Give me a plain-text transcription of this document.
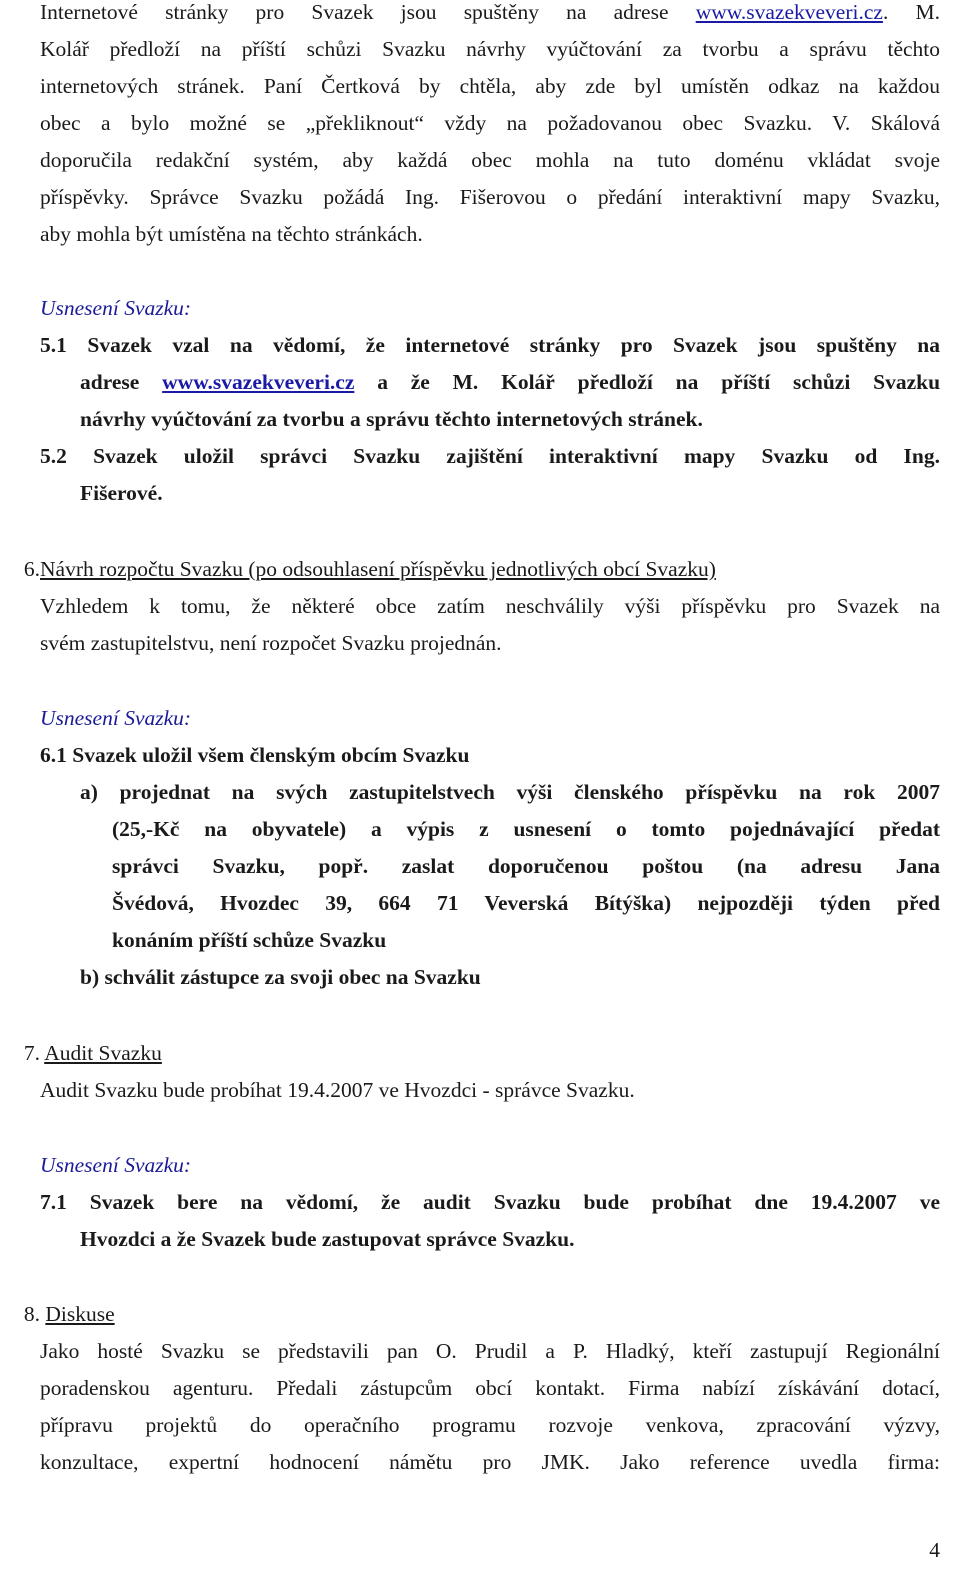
Internetové stránky pro Svazek jsou spuštěny na adrese www.svazekveveri.cz. M.
Kolář předloží na příští schůzi Svazku návrhy vyúčtování za tvorbu a správu těchto
internetových stránek. Paní Čertková by chtěla, aby zde byl umístěn odkaz na každou
obec a bylo možné se „překliknout“ vždy na požadovanou obec Svazku. V. Skálová
doporučila redakční systém, aby každá obec mohla na tuto doménu vkládat svoje
příspěvky. Správce Svazku požádá Ing. Fišerovou o předání interaktivní mapy Svazku,
aby mohla být umístěna na těchto stránkách.

Usnesení Svazku:

5.1 Svazek vzal na vědomí, že internetové stránky pro Svazek jsou spuštěny na
adrese www.svazekveveri.cz a že M. Kolář předloží na příští schůzi Svazku
návrhy vyúčtování za tvorbu a správu těchto internetových stránek.
5.2 Svazek uložil správci Svazku zajištění interaktivní mapy Svazku od Ing.
Fišerové.

6.Návrh rozpočtu Svazku (po odsouhlasení příspěvku jednotlivých obcí Svazku)

Vzhledem k tomu, že některé obce zatím neschválily výši příspěvku pro Svazek na
svém zastupitelstvu, není rozpočet Svazku projednán.

Usnesení Svazku:

6.1 Svazek uložil všem členským obcím Svazku
a) projednat na svých zastupitelstvech výši členského příspěvku na rok 2007
(25,-Kč na obyvatele) a výpis z usnesení o tomto pojednávající předat
správci Svazku, popř. zaslat doporučenou poštou (na adresu Jana
Švédová, Hvozdec 39, 664 71 Veverská Bítýška) nejpozději týden před
konáním příští schůze Svazku
b) schválit zástupce za svoji obec na Svazku

7. Audit Svazku

Audit Svazku bude probíhat 19.4.2007 ve Hvozdci - správce Svazku.

Usnesení Svazku:

7.1 Svazek bere na vědomí, že audit Svazku bude probíhat dne 19.4.2007 ve
Hvozdci a že Svazek bude zastupovat správce Svazku.

8. Diskuse

Jako hosté Svazku se představili pan O. Prudil a P. Hladký, kteří zastupují Regionální
poradenskou agenturu. Předali zástupcům obcí kontakt. Firma nabízí získávání dotací,
přípravu projektů do operačního programu rozvoje venkova, zpracování výzvy,
konzultace, expertní hodnocení námětu pro JMK. Jako reference uvedla firma:
4
